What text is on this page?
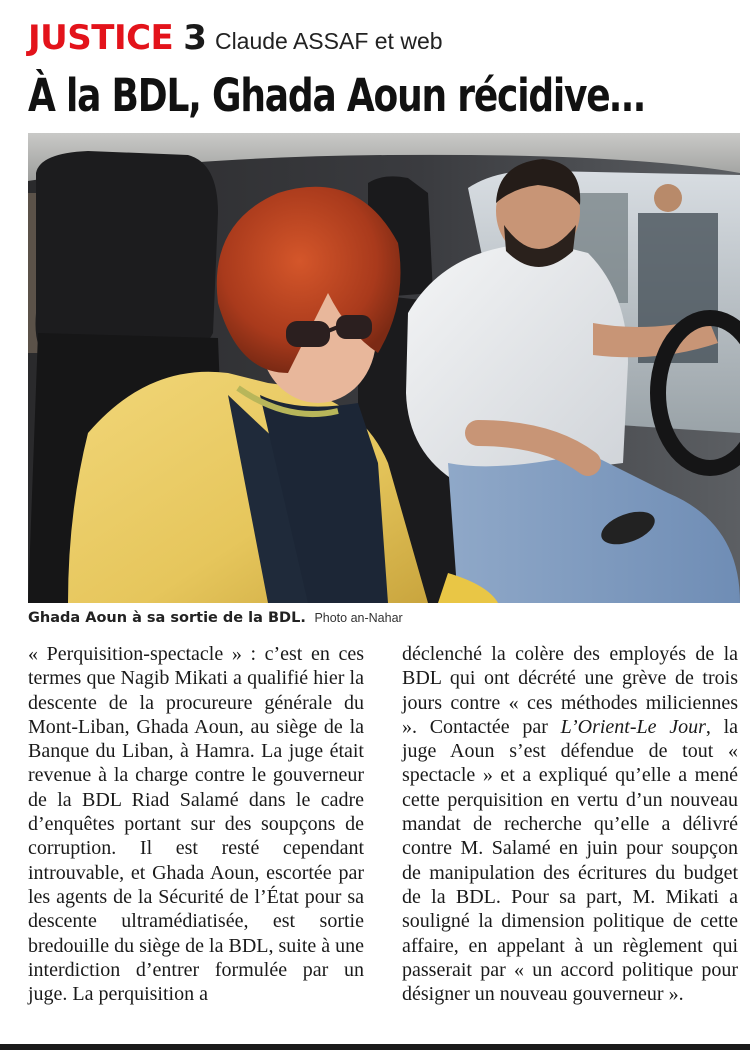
JUSTICE 3 Claude ASSAF et web
À la BDL, Ghada Aoun récidive…
Ghada Aoun à sa sortie de la BDL. Photo an-Nahar

« Perquisition-spectacle » : c’est en ces termes que Nagib Mikati a qualifié hier la descente de la procureure générale du Mont-Liban, Ghada Aoun, au siège de la Banque du Liban, à Hamra. La juge était revenue à la charge contre le gouverneur de la BDL Riad Salamé dans le cadre d’enquêtes portant sur des soupçons de corruption. Il est resté cependant introuvable, et Ghada Aoun, escortée par les agents de la Sécurité de l’État pour sa descente ultramédiatisée, est sortie bredouille du siège de la BDL, suite à une interdiction d’entrer formulée par un juge. La perquisition a

déclenché la colère des employés de la BDL qui ont décrété une grève de trois jours contre « ces méthodes miliciennes ». Contactée par L’Orient-Le Jour, la juge Aoun s’est défendue de tout « spectacle » et a expliqué qu’elle a mené cette perquisition en vertu d’un nouveau mandat de recherche qu’elle a délivré contre M. Salamé en juin pour soupçon de manipulation des écritures du budget de la BDL. Pour sa part, M. Mikati a souligné la dimension politique de cette affaire, en appelant à un règlement qui passerait par « un accord politique pour désigner un nouveau gouverneur ».
